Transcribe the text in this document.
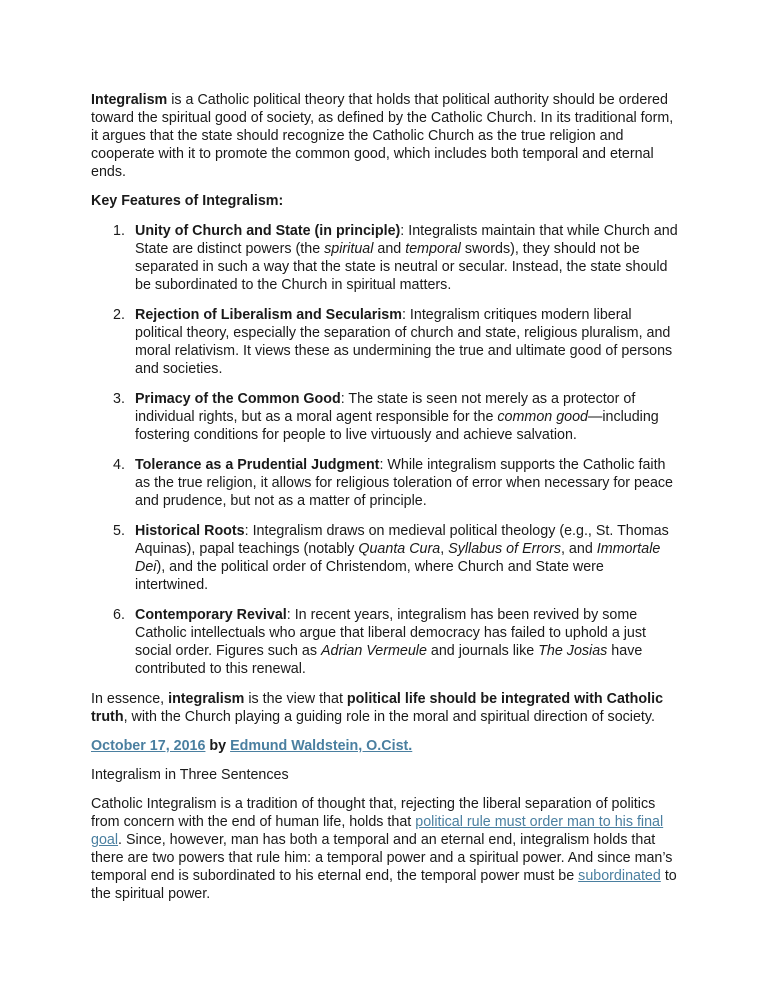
Integralism is a Catholic political theory that holds that political authority should be ordered toward the spiritual good of society, as defined by the Catholic Church. In its traditional form, it argues that the state should recognize the Catholic Church as the true religion and cooperate with it to promote the common good, which includes both temporal and eternal ends.

Key Features of Integralism:

1. Unity of Church and State (in principle): Integralists maintain that while Church and State are distinct powers (the spiritual and temporal swords), they should not be separated in such a way that the state is neutral or secular. Instead, the state should be subordinated to the Church in spiritual matters.
2. Rejection of Liberalism and Secularism: Integralism critiques modern liberal political theory, especially the separation of church and state, religious pluralism, and moral relativism. It views these as undermining the true and ultimate good of persons and societies.
3. Primacy of the Common Good: The state is seen not merely as a protector of individual rights, but as a moral agent responsible for the common good—including fostering conditions for people to live virtuously and achieve salvation.
4. Tolerance as a Prudential Judgment: While integralism supports the Catholic faith as the true religion, it allows for religious toleration of error when necessary for peace and prudence, but not as a matter of principle.
5. Historical Roots: Integralism draws on medieval political theology (e.g., St. Thomas Aquinas), papal teachings (notably Quanta Cura, Syllabus of Errors, and Immortale Dei), and the political order of Christendom, where Church and State were intertwined.
6. Contemporary Revival: In recent years, integralism has been revived by some Catholic intellectuals who argue that liberal democracy has failed to uphold a just social order. Figures such as Adrian Vermeule and journals like The Josias have contributed to this renewal.

In essence, integralism is the view that political life should be integrated with Catholic truth, with the Church playing a guiding role in the moral and spiritual direction of society.

October 17, 2016 by Edmund Waldstein, O.Cist.

Integralism in Three Sentences

Catholic Integralism is a tradition of thought that, rejecting the liberal separation of politics from concern with the end of human life, holds that political rule must order man to his final goal. Since, however, man has both a temporal and an eternal end, integralism holds that there are two powers that rule him: a temporal power and a spiritual power. And since man’s temporal end is subordinated to his eternal end, the temporal power must be subordinated to the spiritual power.
